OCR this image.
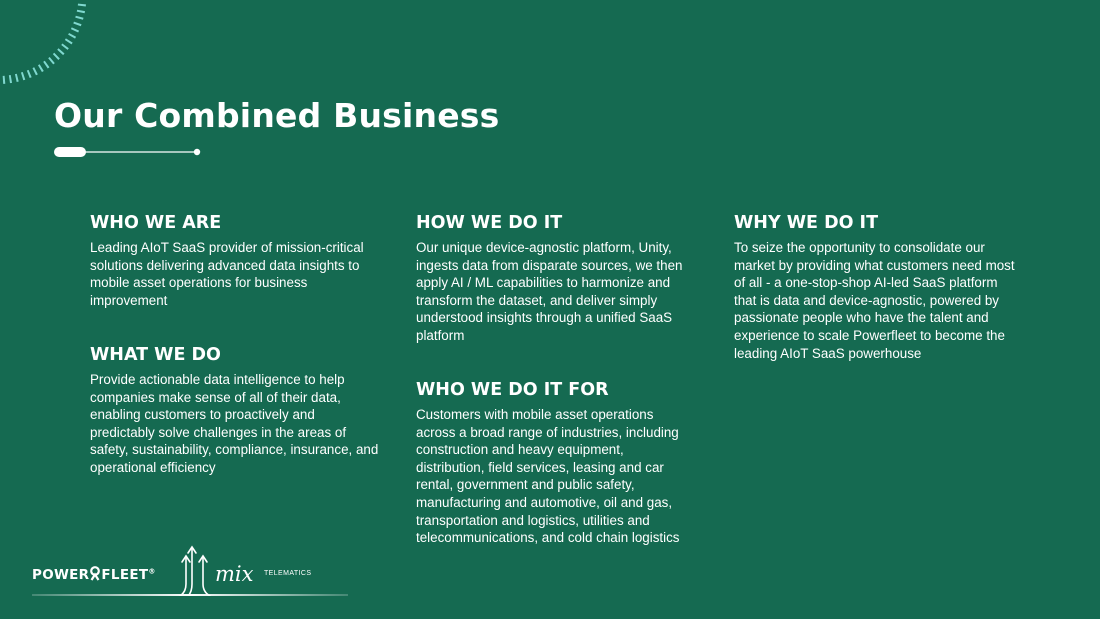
Our Combined Business
WHO WE ARE

Leading AIoT SaaS provider of mission-critical solutions delivering advanced data insights to mobile asset operations for business improvement

WHAT WE DO

Provide actionable data intelligence to help companies make sense of all of their data, enabling customers to proactively and predictably solve challenges in the areas of safety, sustainability, compliance, insurance, and operational efficiency

HOW WE DO IT

Our unique device-agnostic platform, Unity, ingests data from disparate sources, we then apply AI / ML capabilities to harmonize and transform the dataset, and deliver simply understood insights through a unified SaaS platform

WHO WE DO IT FOR

Customers with mobile asset operations across a broad range of industries, including construction and heavy equipment, distribution, field services, leasing and car rental, government and public safety, manufacturing and automotive, oil and gas, transportation and logistics, utilities and telecommunications, and cold chain logistics

WHY WE DO IT

To seize the opportunity to consolidate our market by providing what customers need most of all - a one-stop-shop AI-led SaaS platform that is data and device-agnostic, powered by passionate people who have the talent and experience to scale Powerfleet to become the leading AIoT SaaS powerhouse

POWER FLEET®	mix TELEMATICS
